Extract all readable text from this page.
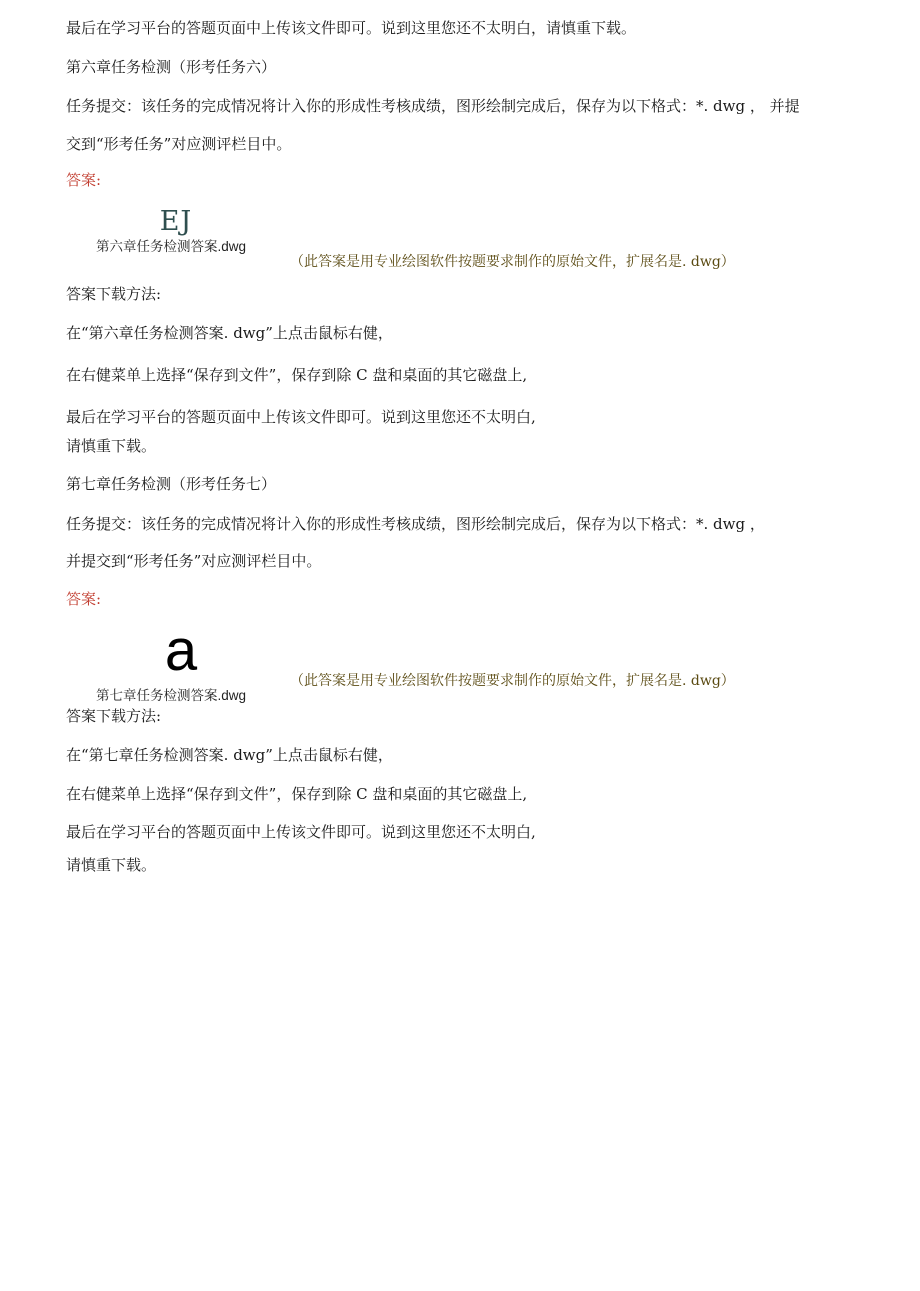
最后在学习平台的答题页面中上传该文件即可。说到这里您还不太明白，请慎重下载。

第六章任务检测（形考任务六）

任务提交：该任务的完成情况将计入你的形成性考核成绩，图形绘制完成后，保存为以下格式：*. dwg ， 并提

交到“形考任务”对应测评栏目中。

答案:

EJ
第六章任务检测答案.dwg
（此答案是用专业绘图软件按题要求制作的原始文件，扩展名是. dwg）

答案下载方法:

在“第六章任务检测答案. dwg”上点击鼠标右健，

在右健菜单上选择“保存到文件”，保存到除 C 盘和桌面的其它磁盘上,

最后在学习平台的答题页面中上传该文件即可。说到这里您还不太明白,

请慎重下载。

第七章任务检测（形考任务七）

任务提交：该任务的完成情况将计入你的形成性考核成绩，图形绘制完成后，保存为以下格式：*. dwg ，

并提交到“形考任务”对应测评栏目中。

答案:

a
第七章任务检测答案.dwg
（此答案是用专业绘图软件按题要求制作的原始文件，扩展名是. dwg）

答案下载方法:

在“第七章任务检测答案. dwg”上点击鼠标右健，

在右健菜单上选择“保存到文件”，保存到除 C 盘和桌面的其它磁盘上,

最后在学习平台的答题页面中上传该文件即可。说到这里您还不太明白,

请慎重下载。
